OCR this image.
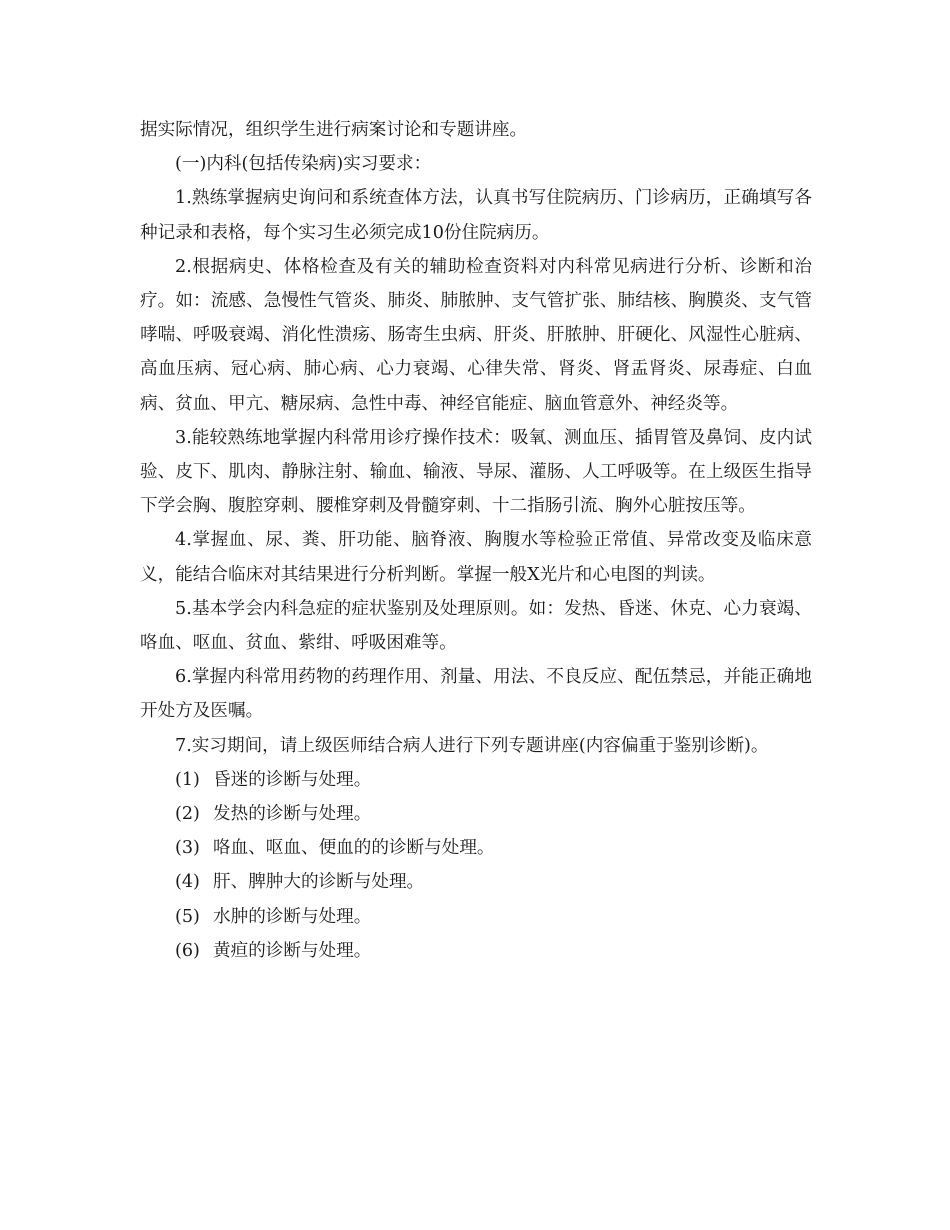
据实际情况，组织学生进行病案讨论和专题讲座。

(一)内科(包括传染病)实习要求：

1.熟练掌握病史询问和系统查体方法，认真书写住院病历、门诊病历，正确填写各种记录和表格，每个实习生必须完成10份住院病历。

2.根据病史、体格检查及有关的辅助检查资料对内科常见病进行分析、诊断和治疗。如：流感、急慢性气管炎、肺炎、肺脓肿、支气管扩张、肺结核、胸膜炎、支气管哮喘、呼吸衰竭、消化性溃疡、肠寄生虫病、肝炎、肝脓肿、肝硬化、风湿性心脏病、高血压病、冠心病、肺心病、心力衰竭、心律失常、肾炎、肾盂肾炎、尿毒症、白血病、贫血、甲亢、糖尿病、急性中毒、神经官能症、脑血管意外、神经炎等。

3.能较熟练地掌握内科常用诊疗操作技术：吸氧、测血压、插胃管及鼻饲、皮内试验、皮下、肌肉、静脉注射、输血、输液、导尿、灌肠、人工呼吸等。在上级医生指导下学会胸、腹腔穿刺、腰椎穿刺及骨髓穿刺、十二指肠引流、胸外心脏按压等。

4.掌握血、尿、粪、肝功能、脑脊液、胸腹水等检验正常值、异常改变及临床意义，能结合临床对其结果进行分析判断。掌握一般X光片和心电图的判读。

5.基本学会内科急症的症状鉴别及处理原则。如：发热、昏迷、休克、心力衰竭、咯血、呕血、贫血、紫绀、呼吸困难等。

6.掌握内科常用药物的药理作用、剂量、用法、不良反应、配伍禁忌，并能正确地开处方及医嘱。

7.实习期间，请上级医师结合病人进行下列专题讲座(内容偏重于鉴别诊断)。

(1) 昏迷的诊断与处理。

(2) 发热的诊断与处理。

(3) 咯血、呕血、便血的的诊断与处理。

(4) 肝、脾肿大的诊断与处理。

(5) 水肿的诊断与处理。

(6) 黄疸的诊断与处理。
